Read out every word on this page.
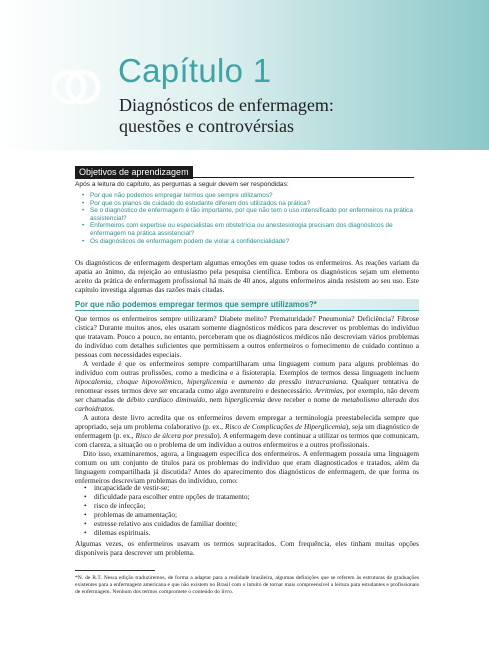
Capítulo 1
Diagnósticos de enfermagem:
questões e controvérsias
Objetivos de aprendizagem
Após a leitura do capítulo, as perguntas a seguir devem ser respondidas:
• Por que não podemos empregar termos que sempre utilizamos?
• Por que os planos de cuidado do estudante diferem dos utilizados na prática?
• Se o diagnóstico de enfermagem é tão importante, por que não tem o uso intensificado por enfermeiros na prática assistencial?
• Enfermeiros com expertise ou especialistas em obstetrícia ou anestesiologia precisam dos diagnósticos de enfermagem na prática assistencial?
• Os diagnósticos de enfermagem podem de violar a confidencialidade?

Os diagnósticos de enfermagem despertam algumas emoções em quase todos os enfermeiros. As reações variam da apatia ao ânimo, da rejeição ao entusiasmo pela pesquisa científica. Embora os diagnósticos sejam um elemento aceito da prática de enfermagem profissional há mais de 40 anos, alguns enfermeiros ainda resistem ao seu uso. Este capítulo investiga algumas das razões mais citadas.

Por que não podemos empregar termos que sempre utilizamos?*

Que termos os enfermeiros sempre utilizaram? Diabete melito? Prematuridade? Pneumonia? Deficiência? Fibrose cística? Durante muitos anos, eles usaram somente diagnósticos médicos para descrever os problemas do indivíduo que tratavam. Pouco a pouco, no entanto, perceberam que os diagnósticos médicos não descreviam vários problemas do indivíduo com detalhes suficientes que permitissem a outros enfermeiros o fornecimento de cuidado contínuo a pessoas com necessidades especiais.

A verdade é que os enfermeiros sempre compartilharam uma linguagem comum para alguns problemas do indivíduo com outras profissões, como a medicina e a fisioterapia. Exemplos de termos dessa linguagem incluem hipocalemia, choque hipovolêmico, hiperglicemia e aumento da pressão intracraniana. Qualquer tentativa de renomear esses termos deve ser encarada como algo aventureiro e desnecessário. Arritmias, por exemplo, não devem ser chamadas de débito cardíaco diminuído, nem hiperglicemia deve receber o nome de metabolismo alterado dos carboidratos.

A autora deste livro acredita que os enfermeiros devem empregar a terminologia preestabelecida sempre que apropriado, seja um problema colaborativo (p. ex., Risco de Complicações de Hiperglicemia), seja um diagnóstico de enfermagem (p. ex., Risco de úlcera por pressão). A enfermagem deve continuar a utilizar os termos que comunicam, com clareza, a situação ou o problema de um indivíduo a outros enfermeiros e a outros profissionais.

Dito isso, examinaremos, agora, a linguagem específica dos enfermeiros. A enfermagem possuía uma linguagem comum ou um conjunto de títulos para os problemas do indivíduo que eram diagnosticados e tratados, além da linguagem compartilhada já discutida? Antes do aparecimento dos diagnósticos de enfermagem, de que forma os enfermeiros descreviam problemas do indivíduo, como:

• incapacidade de vestir-se;
• dificuldade para escolher entre opções de tratamento;
• risco de infecção;
• problemas de amamentação;
• estresse relativo aos cuidados de familiar doente;
• dilemas espirituais.

Algumas vezes, os enfermeiros usavam os termos supracitados. Com frequência, eles tinham muitas opções disponíveis para descrever um problema.

*N. de R.T. Nessa edição traduziremos, de forma a adaptar para a realidade brasileira, algumas definições que se referem às estruturas de graduações existentes para a enfermagem americana e que não existem no Brasil com o intuito de tornar mais compreensível a leitura para estudantes e profissionais de enfermagem. Nenhum dos termos compromete o conteúdo do livro.
